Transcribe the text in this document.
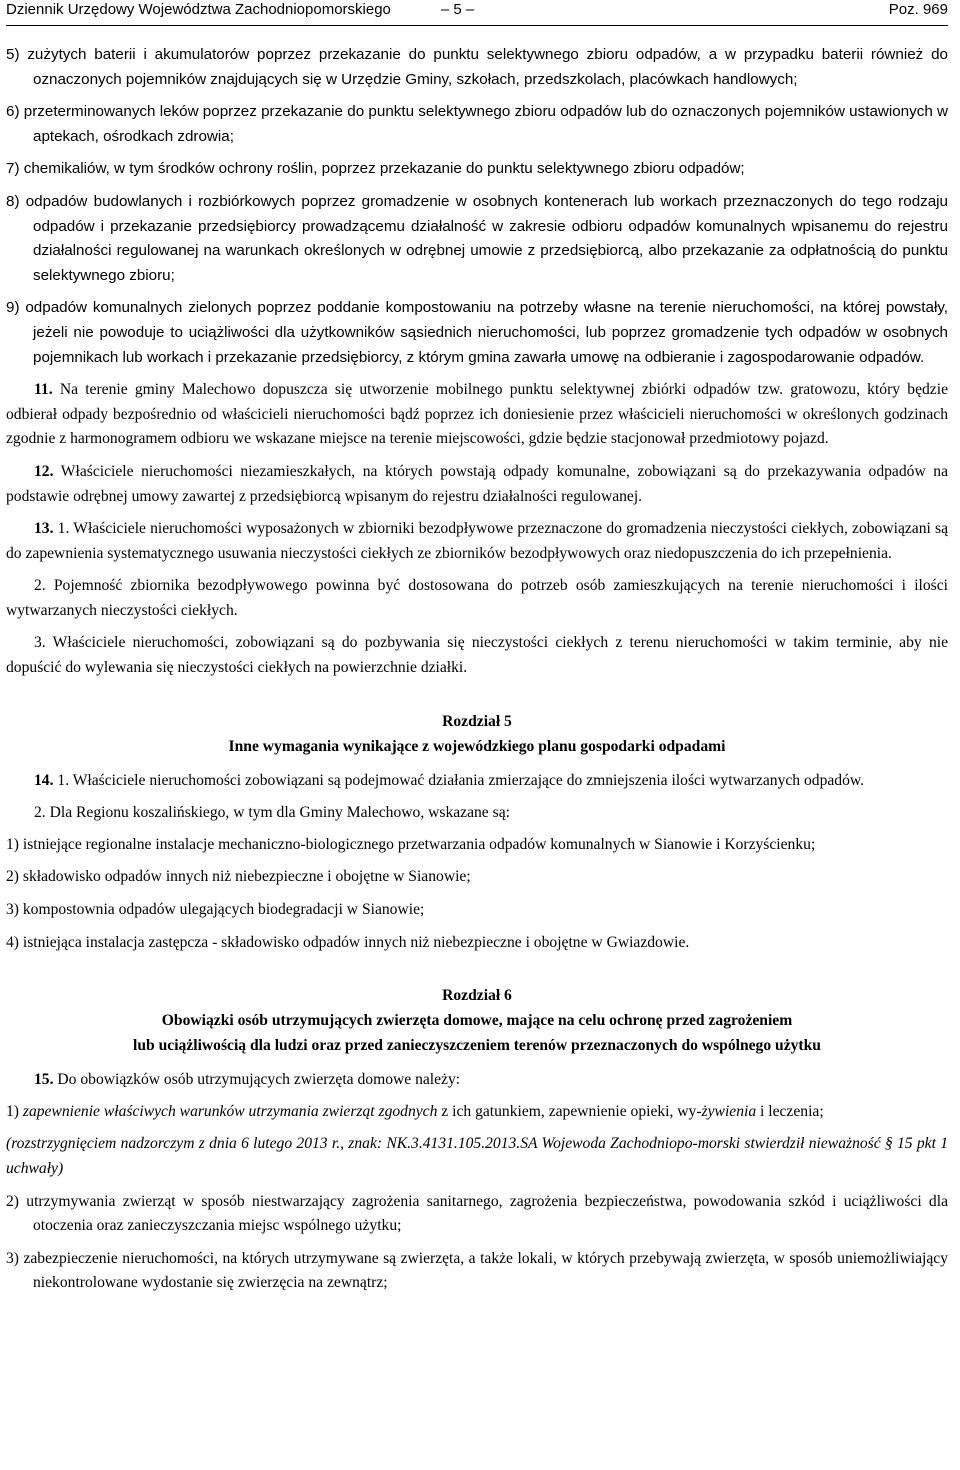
Dziennik Urzędowy Województwa Zachodniopomorskiego	– 5 –	Poz. 969

5) zużytych baterii i akumulatorów poprzez przekazanie do punktu selektywnego zbioru odpadów, a w przypadku baterii również do oznaczonych pojemników znajdujących się w Urzędzie Gminy, szkołach, przedszkolach, placówkach handlowych;

6) przeterminowanych leków poprzez przekazanie do punktu selektywnego zbioru odpadów lub do oznaczonych pojemników ustawionych w aptekach, ośrodkach zdrowia;

7) chemikaliów, w tym środków ochrony roślin, poprzez przekazanie do punktu selektywnego zbioru odpadów;

8) odpadów budowlanych i rozbiórkowych poprzez gromadzenie w osobnych kontenerach lub workach przeznaczonych do tego rodzaju odpadów i przekazanie przedsiębiorcy prowadzącemu działalność w zakresie odbioru odpadów komunalnych wpisanemu do rejestru działalności regulowanej na warunkach określonych w odrębnej umowie z przedsiębiorcą, albo przekazanie za odpłatnością do punktu selektywnego zbioru;

9) odpadów komunalnych zielonych poprzez poddanie kompostowaniu na potrzeby własne na terenie nieruchomości, na której powstały, jeżeli nie powoduje to uciążliwości dla użytkowników sąsiednich nieruchomości, lub poprzez gromadzenie tych odpadów w osobnych pojemnikach lub workach i przekazanie przedsiębiorcy, z którym gmina zawarła umowę na odbieranie i zagospodarowanie odpadów.

11. Na terenie gminy Malechowo dopuszcza się utworzenie mobilnego punktu selektywnej zbiórki odpadów tzw. gratowozu, który będzie odbierał odpady bezpośrednio od właścicieli nieruchomości bądź poprzez ich doniesienie przez właścicieli nieruchomości w określonych godzinach zgodnie z harmonogramem odbioru we wskazane miejsce na terenie miejscowości, gdzie będzie stacjonował przedmiotowy pojazd.

12. Właściciele nieruchomości niezamieszkałych, na których powstają odpady komunalne, zobowiązani są do przekazywania odpadów na podstawie odrębnej umowy zawartej z przedsiębiorcą wpisanym do rejestru działalności regulowanej.

13. 1. Właściciele nieruchomości wyposażonych w zbiorniki bezodpływowe przeznaczone do gromadzenia nieczystości ciekłych, zobowiązani są do zapewnienia systematycznego usuwania nieczystości ciekłych ze zbiorników bezodpływowych oraz niedopuszczenia do ich przepełnienia.

2. Pojemność zbiornika bezodpływowego powinna być dostosowana do potrzeb osób zamieszkujących na terenie nieruchomości i ilości wytwarzanych nieczystości ciekłych.

3. Właściciele nieruchomości, zobowiązani są do pozbywania się nieczystości ciekłych z terenu nieruchomości w takim terminie, aby nie dopuścić do wylewania się nieczystości ciekłych na powierzchnie działki.

Rozdział 5
Inne wymagania wynikające z wojewódzkiego planu gospodarki odpadami

14. 1. Właściciele nieruchomości zobowiązani są podejmować działania zmierzające do zmniejszenia ilości wytwarzanych odpadów.

2. Dla Regionu koszalińskiego, w tym dla Gminy Malechowo, wskazane są:

1) istniejące regionalne instalacje mechaniczno-biologicznego przetwarzania odpadów komunalnych w Sianowie i Korzyścienku;

2) składowisko odpadów innych niż niebezpieczne i obojętne w Sianowie;

3) kompostownia odpadów ulegających biodegradacji w Sianowie;

4) istniejąca instalacja zastępcza - składowisko odpadów innych niż niebezpieczne i obojętne w Gwiazdowie.

Rozdział 6
Obowiązki osób utrzymujących zwierzęta domowe, mające na celu ochronę przed zagrożeniem
lub uciążliwością dla ludzi oraz przed zanieczyszczeniem terenów przeznaczonych do wspólnego użytku

15. Do obowiązków osób utrzymujących zwierzęta domowe należy:

1) zapewnienie właściwych warunków utrzymania zwierząt zgodnych z ich gatunkiem, zapewnienie opieki, wy-żywienia i leczenia;

(rozstrzygnięciem nadzorczym z dnia 6 lutego 2013 r., znak: NK.3.4131.105.2013.SA Wojewoda Zachodniopo-morski stwierdził nieważność § 15 pkt 1 uchwały)

2) utrzymywania zwierząt w sposób niestwarzający zagrożenia sanitarnego, zagrożenia bezpieczeństwa, powodowania szkód i uciążliwości dla otoczenia oraz zanieczyszczania miejsc wspólnego użytku;

3) zabezpieczenie nieruchomości, na których utrzymywane są zwierzęta, a także lokali, w których przebywają zwierzęta, w sposób uniemożliwiający niekontrolowane wydostanie się zwierzęcia na zewnątrz;
